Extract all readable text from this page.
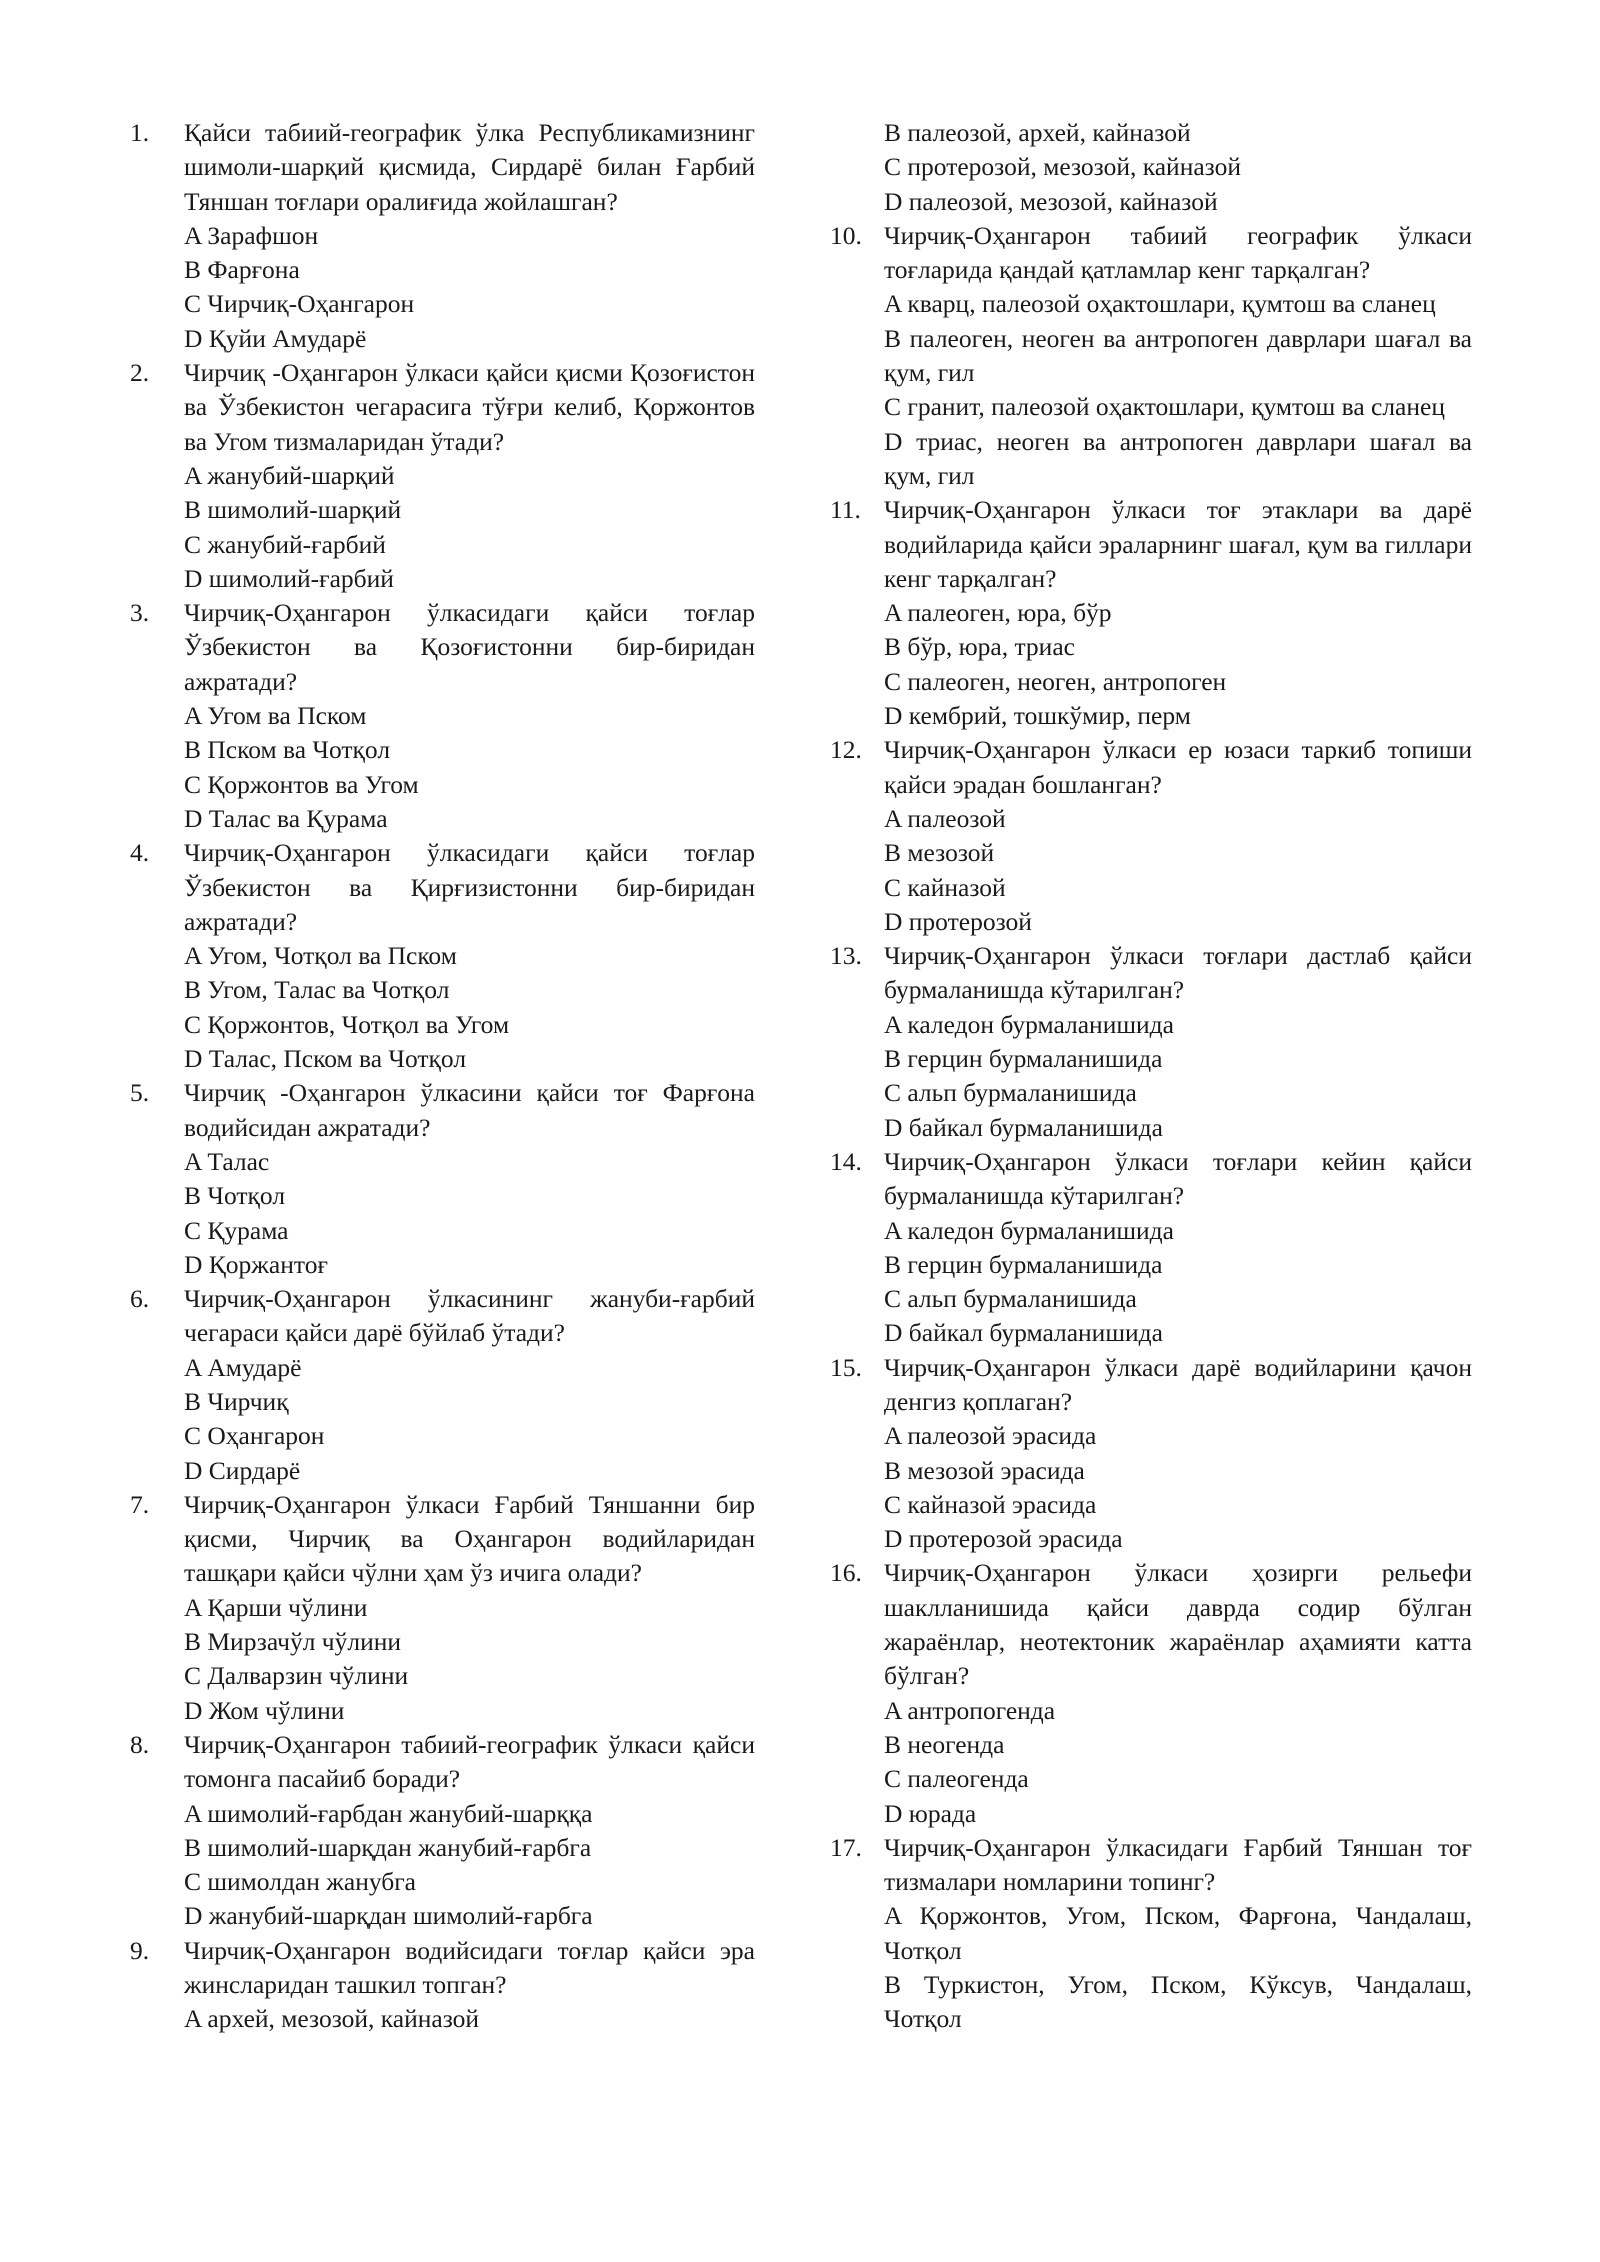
1.	Қайси табиий-географик ўлка Республикамизнинг шимоли-шарқий қисмида, Сирдарё билан Ғарбий Тяншан тоғлари оралиғида жойлашган?
A Зарафшон
B Фарғона
C Чирчиқ-Оҳангарон
D Қуйи Амударё
2.	Чирчиқ -Оҳангарон ўлкаси қайси қисми Қозоғистон ва Ўзбекистон чегарасига тўғри келиб, Қоржонтов ва Угом тизмаларидан ўтади?
A жанубий-шарқий
B шимолий-шарқий
C жанубий-ғарбий
D шимолий-ғарбий
3.	Чирчиқ-Оҳангарон ўлкасидаги қайси тоғлар Ўзбекистон ва Қозоғистонни бир-биридан ажратади?
A Угом ва Пском
B Пском ва Чотқол
C Қоржонтов ва Угом
D Талас ва Қурама
4.	Чирчиқ-Оҳангарон ўлкасидаги қайси тоғлар Ўзбекистон ва Қирғизистонни бир-биридан ажратади?
A Угом, Чотқол ва Пском
B Угом, Талас ва Чотқол
C Қоржонтов, Чотқол ва Угом
D Талас, Пском ва Чотқол
5.	Чирчиқ -Оҳангарон ўлкасини қайси тоғ Фарғона водийсидан ажратади?
A Талас
B Чотқол
C Қурама
D Қоржантоғ
6.	Чирчиқ-Оҳангарон ўлкасининг жануби-ғарбий чегараси қайси дарё бўйлаб ўтади?
A Амударё
B Чирчиқ
C Оҳангарон
D Сирдарё
7.	Чирчиқ-Оҳангарон ўлкаси Ғарбий Тяншанни бир қисми, Чирчиқ ва Оҳангарон водийларидан ташқари қайси чўлни ҳам ўз ичига олади?
A Қарши чўлини
B Мирзачўл чўлини
C Далварзин чўлини
D Жом чўлини
8.	Чирчиқ-Оҳангарон табиий-географик ўлкаси қайси томонга пасайиб боради?
A шимолий-ғарбдан жанубий-шарққа
B шимолий-шарқдан жанубий-ғарбга
C шимолдан жанубга
D жанубий-шарқдан шимолий-ғарбга
9.	Чирчиқ-Оҳангарон водийсидаги тоғлар қайси эра жинсларидан ташкил топган?
A архей, мезозой, кайназой
B палеозой, архей, кайназой
C протерозой, мезозой, кайназой
D палеозой, мезозой, кайназой
10. Чирчиқ-Оҳангарон табиий географик ўлкаси тоғларида қандай қатламлар кенг тарқалган?
A кварц, палеозой оҳактошлари, қумтош ва сланец
B палеоген, неоген ва антропоген даврлари шағал ва қум, гил
C гранит, палеозой оҳактошлари, қумтош ва сланец
D триас, неоген ва антропоген даврлари шағал ва қум, гил
11. Чирчиқ-Оҳангарон ўлкаси тоғ этаклари ва дарё водийларида қайси эраларнинг шағал, қум ва гиллари кенг тарқалган?
A палеоген, юра, бўр
B бўр, юра, триас
C палеоген, неоген, антропоген
D кембрий, тошкўмир, перм
12. Чирчиқ-Оҳангарон ўлкаси ер юзаси таркиб топиши қайси эрадан бошланган?
A палеозой
B мезозой
C кайназой
D протерозой
13. Чирчиқ-Оҳангарон ўлкаси тоғлари дастлаб қайси бурмаланишда кўтарилган?
A каледон бурмаланишида
B герцин бурмаланишида
C альп бурмаланишида
D байкал бурмаланишида
14. Чирчиқ-Оҳангарон ўлкаси тоғлари кейин қайси бурмаланишда кўтарилган?
A каледон бурмаланишида
B герцин бурмаланишида
C альп бурмаланишида
D байкал бурмаланишида
15. Чирчиқ-Оҳангарон ўлкаси дарё водийларини қачон денгиз қоплаган?
A палеозой эрасида
B мезозой эрасида
C кайназой эрасида
D протерозой эрасида
16. Чирчиқ-Оҳангарон ўлкаси ҳозирги рельефи шаклланишида қайси даврда содир бўлган жараёнлар, неотектоник жараёнлар аҳамияти катта бўлган?
A антропогенда
B неогенда
C палеогенда
D юрада
17. Чирчиқ-Оҳангарон ўлкасидаги Ғарбий Тяншан тоғ тизмалари номларини топинг?
A Қоржонтов, Угом, Пском, Фарғона, Чандалаш, Чотқол
B Туркистон, Угом, Пском, Кўксув, Чандалаш, Чотқол
